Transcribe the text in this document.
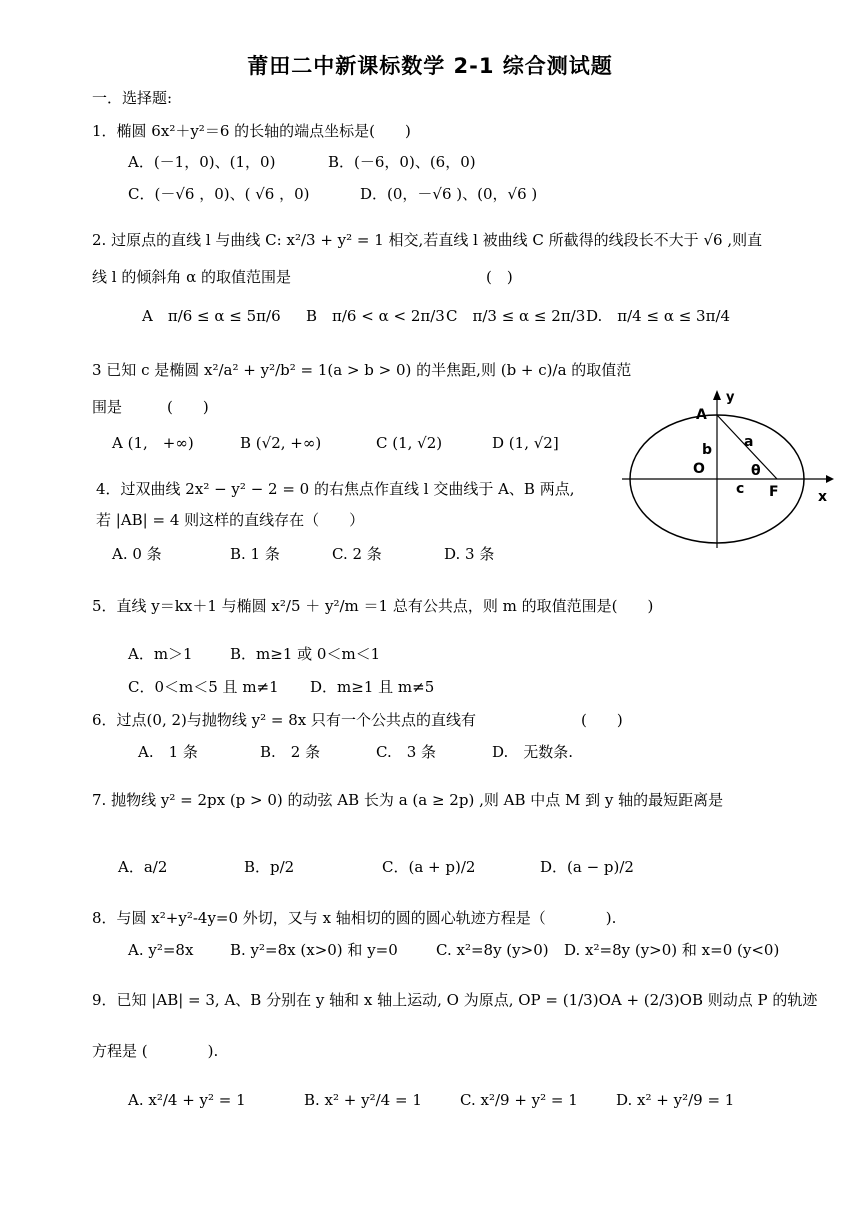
莆田二中新课标数学 2-1 综合测试题
一．选择题:
1．椭圆 6x²＋y²＝6 的长轴的端点坐标是(　　)
A．(－1，0)、(1，0)	B．(－6，0)、(6，0)
C．(－√6 ，0)、( √6 ，0)	D．(0，－√6 )、(0，√6 )
2. 过原点的直线 l 与曲线 C: x²/3 + y² = 1 相交,若直线 l 被曲线 C 所截得的线段长不大于 √6 ,则直
线 l 的倾斜角 α 的取值范围是　　　　　　　　　　　　　(　)
A　π/6 ≤ α ≤ 5π/6 B　π/6 < α < 2π/3C　π/3 ≤ α ≤ 2π/3D.　π/4 ≤ α ≤ 3π/4
3 已知 c 是椭圆 x²/a² + y²/b² = 1(a > b > 0) 的半焦距,则 (b + c)/a 的取值范
围是　　　(　　)
A (1,　+∞)	B (√2, +∞)	C (1, √2)	D (1, √2]
y
A
b a
O	θ
c F	x
4．过双曲线 2x² − y² − 2 = 0 的右焦点作直线 l 交曲线于 A、B 两点,
若 |AB| = 4 则这样的直线存在（　　）
A. 0 条	B. 1 条	C. 2 条	D. 3 条
5．直线 y＝kx＋1 与椭圆 x²/5 ＋ y²/m ＝1 总有公共点，则 m 的取值范围是(　　)
A．m＞1 B．m≥1 或 0＜m＜1
C．0＜m＜5 且 m≠1 D．m≥1 且 m≠5
6．过点(0, 2)与抛物线 y² = 8x 只有一个公共点的直线有　　　　　　　(　　)
A.　1 条	B.　2 条	C.　3 条	D.　无数条.
7. 抛物线 y² = 2px (p > 0) 的动弦 AB 长为 a (a ≥ 2p) ,则 AB 中点 M 到 y 轴的最短距离是
A．a/2	B．p/2	C．(a + p)/2	D．(a − p)/2
8．与圆 x²+y²-4y=0 外切，又与 x 轴相切的圆的圆心轨迹方程是（　　　　).
A. y²=8x B. y²=8x (x>0) 和 y=0	C. x²=8y (y>0) D. x²=8y (y>0) 和 x=0 (y<0)
9．已知 |AB| = 3, A、B 分别在 y 轴和 x 轴上运动, O 为原点, OP = (1/3)OA + (2/3)OB 则动点 P 的轨迹
方程是 (　　　　).
A. x²/4 + y² = 1	B. x² + y²/4 = 1	C. x²/9 + y² = 1	D. x² + y²/9 = 1
